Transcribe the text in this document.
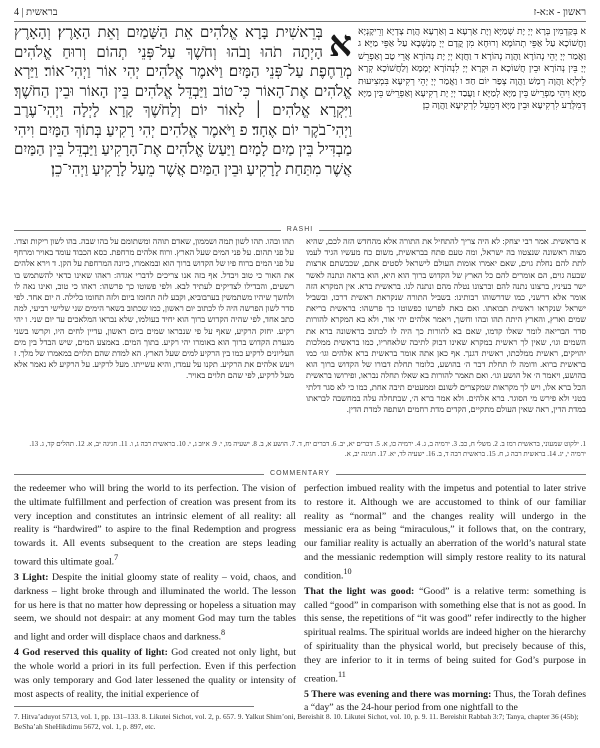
4 | בראשית	ראשון - א:א-ז
א
בְּרֵאשִׁית בָּרָא אֱלֹהִים אֵת הַשָּׁמַיִם וְאֵת הָאָרֶץ׃ וְהָאָרֶץ הָיְתָה תֹהוּ וָבֹהוּ וְחֹשֶׁךְ עַל־פְּנֵי תְהוֹם וְרוּחַ אֱלֹהִים מְרַחֶפֶת עַל־פְּנֵי הַמָּיִם׃ וַיֹּאמֶר אֱלֹהִים יְהִי אוֹר וַיְהִי־אוֹר׃ וַיַּרְא אֱלֹהִים אֶת־הָאוֹר כִּי־טוֹב וַיַּבְדֵּל אֱלֹהִים בֵּין הָאוֹר וּבֵין הַחֹשֶׁךְ׃ וַיִּקְרָא אֱלֹהִים ׀ לָאוֹר יוֹם וְלַחֹשֶׁךְ קָרָא לָיְלָה וַיְהִי־עֶרֶב וַיְהִי־בֹקֶר יוֹם אֶחָד׃ פ וַיֹּאמֶר אֱלֹהִים יְהִי רָקִיעַ בְּתוֹךְ הַמָּיִם וִיהִי מַבְדִּיל בֵּין מַיִם לָמָיִם׃ וַיַּעַשׂ אֱלֹהִים אֶת־הָרָקִיעַ וַיַּבְדֵּל בֵּין הַמַּיִם אֲשֶׁר מִתַּחַת לָרָקִיעַ וּבֵין הַמַּיִם אֲשֶׁר מֵעַל לָרָקִיעַ וַיְהִי־כֵן׃
א בְּקַדְמִין בְּרָא יְיָ יָת שְׁמַיָּא וְיָת אַרְעָא׃ ב וְאַרְעָא הֲוָת צָדְיָא וְרֵיקָנְיָא וַחֲשׁוֹכָא עַל אַפֵּי תְהוֹמָא וְרוּחָא מִן קֳדָם יְיָ מְנַשְּׁבָא עַל אַפֵּי מַיָּא׃ ג וַאֲמַר יְיָ יְהֵי נְהוֹרָא וַהֲוָה נְהוֹרָא׃ ד וַחֲזָא יְיָ יָת נְהוֹרָא אֲרֵי טָב וְאַפְרֵשׁ יְיָ בֵּין נְהוֹרָא וּבֵין חֲשׁוֹכָא׃ ה וּקְרָא יְיָ לִנְהוֹרָא יְמָמָא וְלַחֲשׁוֹכָא קְרָא לֵילְיָא וַהֲוָה רְמַשׁ וַהֲוָה צְפַר יוֹם חַד׃ ו וַאֲמַר יְיָ יְהֵי רְקִיעָא בִּמְצִיעוּת מַיָּא וִיהֵי מַפְרֵישׁ בֵּין מַיָּא לְמַיָּא׃ ז וַעֲבַד יְיָ יָת רְקִיעָא וְאַפְרֵישׁ בֵּין מַיָּא דְּמִלְּרַע לִרְקִיעָא וּבֵין מַיָּא דְּמֵעֵל לִרְקִיעָא וַהֲוָה כֵן׃
RASHI
א בראשית. אמר רבי יצחק: לא היה צריך להתחיל את התורה אלא מהחדש הזה לכם, שהיא מצוה ראשונה שנצטוו בה ישראל, ומה טעם פתח בבראשית, משום כח מעשיו הגיד לעמו לתת להם נחלת גוים, שאם יאמרו אומות העולם לישראל לסטים אתם, שכבשתם ארצות שבעה גוים, הם אומרים להם כל הארץ של הקדוש ברוך הוא היא, הוא בראה ונתנה לאשר ישר בעיניו, ברצונו נתנה להם וברצונו נטלה מהם ונתנה לנו. בראשית ברא. אין המקרא הזה אומר אלא דרשני, כמו שדרשוהו רבותינו: בשביל התורה שנקראת ראשית דרכו, ובשביל ישראל שנקראו ראשית תבואתו. ואם באת לפרשו כפשוטו כך פרשהו: בראשית בריאת שמים וארץ, והארץ היתה תהו ובהו וחשך, ויאמר אלהים יהי אור, ולא בא המקרא להורות סדר הבריאה לומר שאלו קדמו, שאם בא להורות כך היה לו לכתוב בראשונה ברא את השמים וגו׳, שאין לך ראשית במקרא שאינו דבוק לתיבה שלאחריו, כמו בראשית ממלכות יהויקים, ראשית ממלכתו, ראשית דגנך. אף כאן אתה אומר בראשית ברא אלהים וגו׳ כמו בראשית ברוא. ודומה לו תחלת דבר ה׳ בהושע, כלומר תחלת דבורו של הקדוש ברוך הוא בהושע, ויאמר ה׳ אל הושע וגו׳. ואם תאמר להורות בא שאלו תחלה נבראו, ופירושו בראשית הכל ברא אלו, ויש לך מקראות שמקצרים לשונם וממעטים תיבה אחת, כמו כי לא סגר דלתי בטני ולא פירש מי הסוגר. ברא אלהים. ולא אמר ברא ה׳, שבתחלה עלה במחשבה לבראתו במדת הדין, ראה שאין העולם מתקיים, הקדים מדת רחמים ושתפה למדת הדין.
תהו ובהו. תהו לשון תמה ושממון, שאדם תוהה ומשתומם על בהו שבה. בהו לשון ריקות וצדו. על פני תהום. על פני המים שעל הארץ. ורוח אלהים מרחפת. כסא הכבוד עומד באויר ומרחף על פני המים ברוח פיו של הקדוש ברוך הוא ובמאמרו, כיונה המרחפת על הקן. ד וירא אלהים את האור כי טוב ויבדל. אף בזה אנו צריכים לדברי אגדה: ראהו שאינו כדאי להשתמש בו רשעים, והבדילו לצדיקים לעתיד לבא. ולפי פשוטו כך פרשהו: ראהו כי טוב, ואינו נאה לו ולחשך שיהיו משתמשין בערבוביא, וקבע לזה תחומו ביום ולזה תחומו בלילה. ה יום אחד. לפי סדר לשון הפרשה היה לו לכתוב יום ראשון, כמו שכתוב בשאר הימים שני שלישי רביעי, למה כתב אחד, לפי שהיה הקדוש ברוך הוא יחיד בעולמו, שלא נבראו המלאכים עד יום שני. ו יהי רקיע. יחזק הרקיע, שאף על פי שנבראו שמים ביום ראשון, עדיין לחים היו, וקרשו בשני מגערת הקדוש ברוך הוא באומרו יהי רקיע. בתוך המים. באמצע המים, שיש הבדל בין מים העליונים לרקיע כמו בין הרקיע למים שעל הארץ. הא למדת שהם תלוים במאמרו של מלך. ז ויעש אלהים את הרקיע. תקנו על עמדו, והיא עשייתו. מעל לרקיע. על הרקיע לא נאמר אלא מעל לרקיע, לפי שהם תלוים באויר.
1. ילקוט שמעוני, בראשית רמז ב. 2. משלי ח, כב. 3. ירמיה ב, ג. 4. ירמיה כו, א. 5. דברים יא, יב. 6. דברים יח, ד. 7. הושע א, ב. 8. ישעיה מו, י. 9. איוב ג, י. 10. בראשית רבה ג, ו. 11. חגיגה יב, א. 12. תהלים קד, ג. 13. ירמיה י, יג. 14. בראשית רבה ג, ח. 15. בראשית רבה ד, ב. 16. ישעיה לד, יא. 17. חגיגה יב, א.
COMMENTARY

the redeemer who will bring the world to its perfection. The vision of the ultimate fulfillment and perfection of creation was present from its very inception and constitutes an intrinsic element of all reality: all reality is “hardwired” to aspire to the final Redemption and progress towards it. All events subsequent to the creation are steps leading toward this ultimate goal.$^7$

3 Light: Despite the initial gloomy state of reality – void, chaos, and darkness – light broke through and illuminated the world. The lesson for us here is that no matter how depressing or hopeless a situation may seem, we should not despair: at any moment God may turn the tables and light and order will displace chaos and darkness.$^8$

4 God reserved this quality of light: God created not only light, but the whole world a priori in its full perfection. Even if this perfection was only temporary and God later lessened the quality or intensity of most aspects of reality, the initial experience of

perfection imbued reality with the impetus and potential to later strive to restore it. Although we are accustomed to think of our familiar reality as “normal” and the changes reality will undergo in the messianic era as being “miraculous,” it follows that, on the contrary, our familiar reality is actually an aberration of the world’s natural state and the messianic redemption will simply restore reality to its natural condition.$^{10}$

That the light was good: “Good” is a relative term: something is called “good” in comparison with something else that is not as good. In this sense, the repetitions of “it was good” refer indirectly to the higher spiritual realms. The spiritual worlds are indeed higher on the hierarchy of spirituality than the physical world, but precisely because of this, they are inferior to it in terms of being suited for God’s purpose in creation.$^{11}$

5 There was evening and there was morning: Thus, the Torah defines a “day” as the 24-hour period from one nightfall to the

7. Hitva’aduyot 5713, vol. 1, pp. 131–133. 8. Likutei Sichot, vol. 2, p. 657. 9. Yalkut Shim’oni, Bereishit 8. 10. Likutei Sichot, vol. 10, p. 9. 11. Bereishit Rabbah 3:7; Tanya, chapter 36 (45b); BeSha’ah SheHikdimu 5672, vol. 1, p. 897, etc.
